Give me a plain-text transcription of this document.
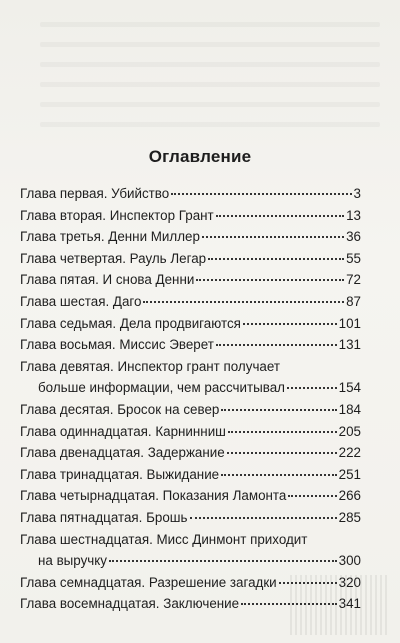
Оглавление
Глава первая. Убийство	3
Глава вторая. Инспектор Грант	13
Глава третья. Денни Миллер	36
Глава четвертая. Рауль Легар	55
Глава пятая. И снова Денни	72
Глава шестая. Даго	87
Глава седьмая. Дела продвигаются	101
Глава восьмая. Миссис Эверет	131
Глава девятая. Инспектор грант получает
больше информации, чем рассчитывал	154
Глава десятая. Бросок на север	184
Глава одиннадцатая. Карнинниш	205
Глава двенадцатая. Задержание	222
Глава тринадцатая. Выжидание	251
Глава четырнадцатая. Показания Ламонта	266
Глава пятнадцатая. Брошь	285
Глава шестнадцатая. Мисс Динмонт приходит
на выручку	300
Глава семнадцатая. Разрешение загадки	320
Глава восемнадцатая. Заключение	341
